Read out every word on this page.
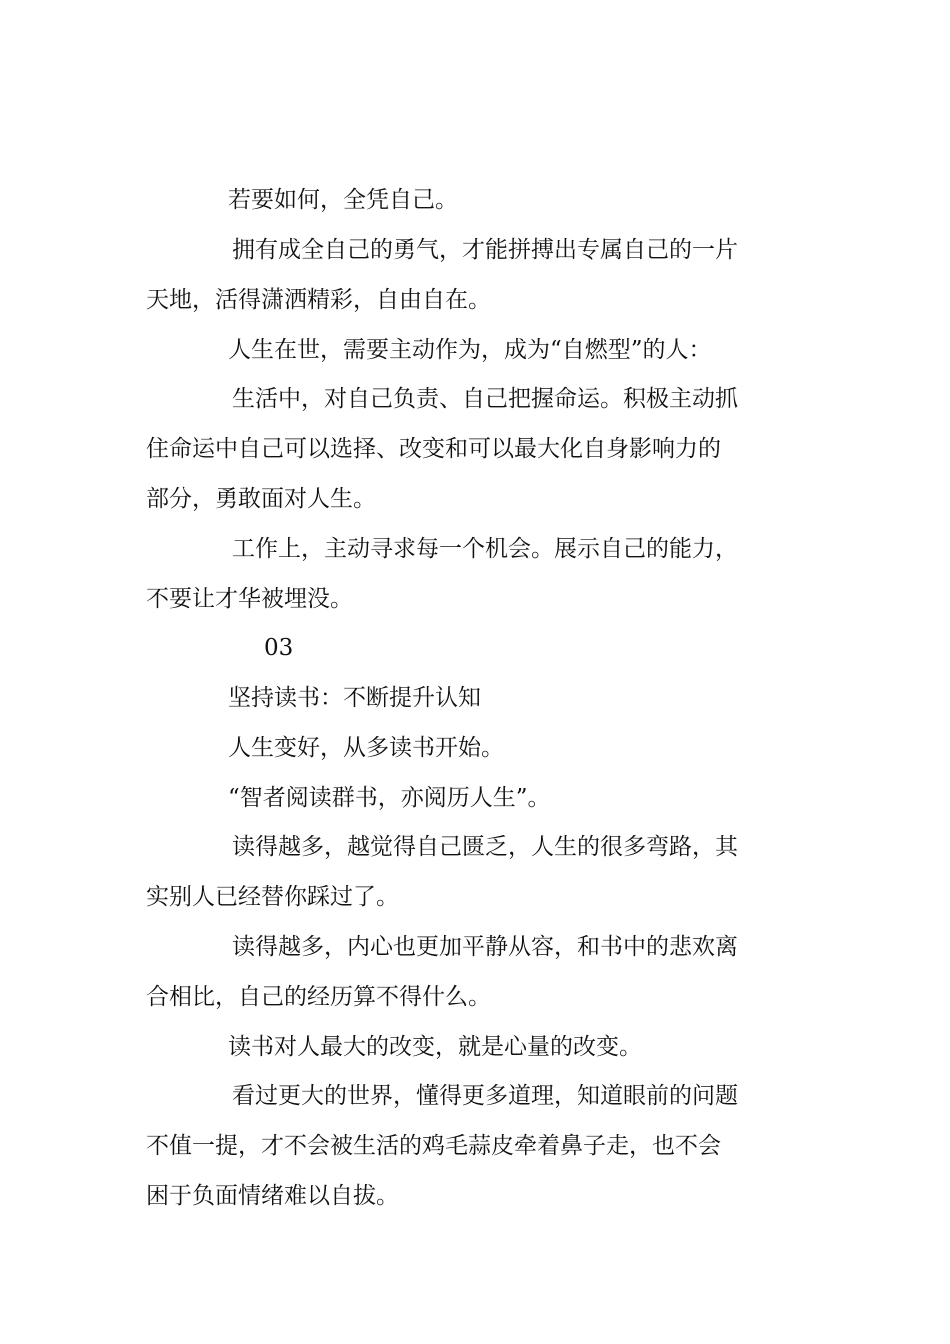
若要如何，全凭自己。
拥有成全自己的勇气，才能拼搏出专属自己的一片
天地，活得潇洒精彩，自由自在。
人生在世，需要主动作为，成为“自燃型”的人：
生活中，对自己负责、自己把握命运。积极主动抓
住命运中自己可以选择、改变和可以最大化自身影响力的
部分，勇敢面对人生。
工作上，主动寻求每一个机会。展示自己的能力，
不要让才华被埋没。
03
坚持读书：不断提升认知
人生变好，从多读书开始。
“智者阅读群书，亦阅历人生”。
读得越多，越觉得自己匮乏，人生的很多弯路，其
实别人已经替你踩过了。
读得越多，内心也更加平静从容，和书中的悲欢离
合相比，自己的经历算不得什么。
读书对人最大的改变，就是心量的改变。
看过更大的世界，懂得更多道理，知道眼前的问题
不值一提，才不会被生活的鸡毛蒜皮牵着鼻子走，也不会
困于负面情绪难以自拔。
